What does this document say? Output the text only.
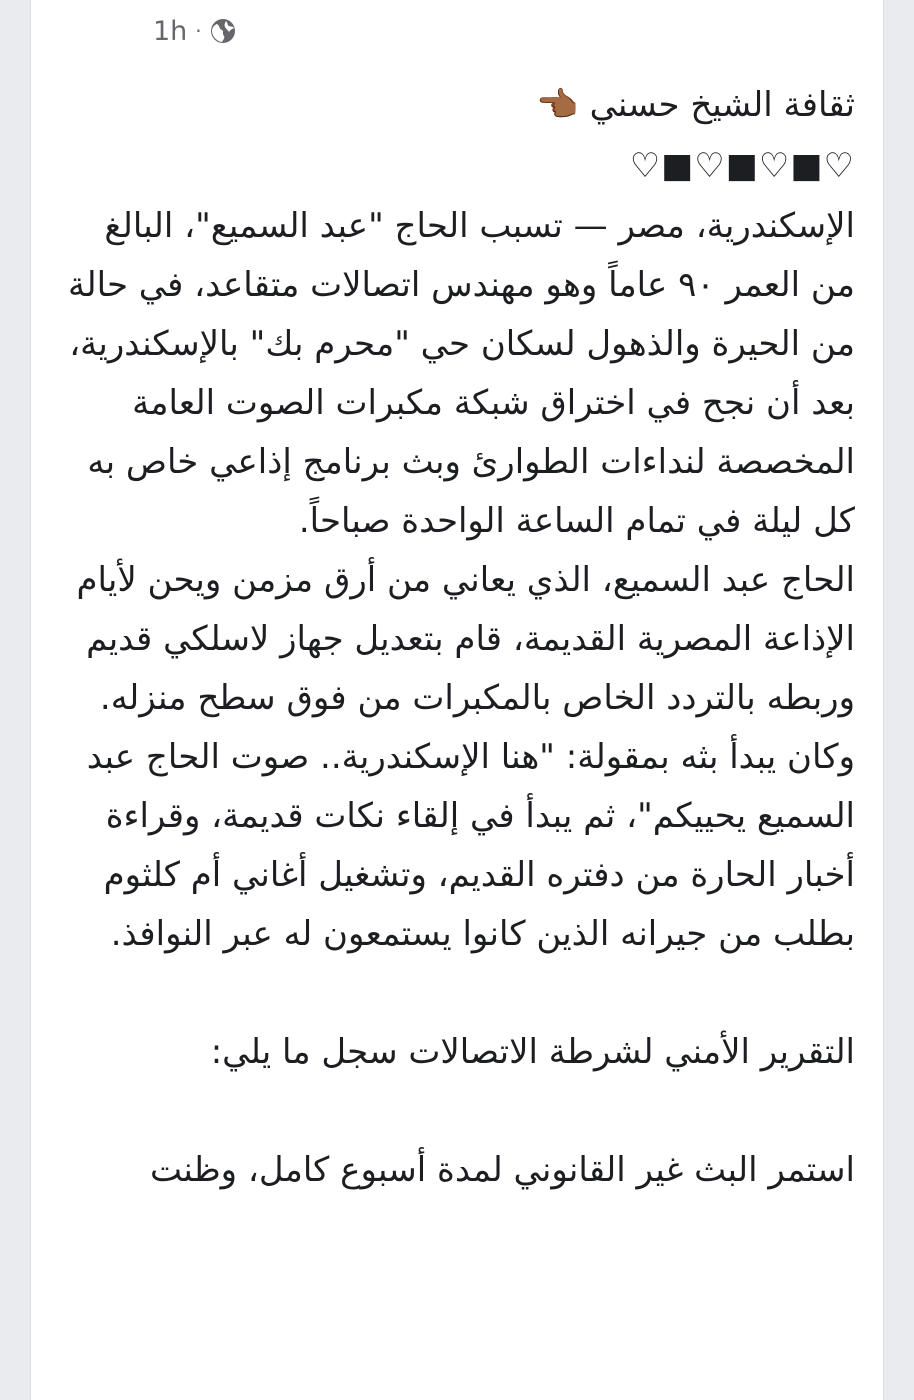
1h ·

ثقافة الشيخ حسني 👈🏾

♡■♡■♡■♡

الإسكندرية، مصر — تسبب الحاج "عبد السميع"، البالغ

من العمر ٩٠ عاماً وهو مهندس اتصالات متقاعد، في حالة

من الحيرة والذهول لسكان حي "محرم بك" بالإسكندرية،

بعد أن نجح في اختراق شبكة مكبرات الصوت العامة

المخصصة لنداءات الطوارئ وبث برنامج إذاعي خاص به

كل ليلة في تمام الساعة الواحدة صباحاً.

الحاج عبد السميع، الذي يعاني من أرق مزمن ويحن لأيام

الإذاعة المصرية القديمة، قام بتعديل جهاز لاسلكي قديم

وربطه بالتردد الخاص بالمكبرات من فوق سطح منزله.

وكان يبدأ بثه بمقولة: "هنا الإسكندرية.. صوت الحاج عبد

السميع يحييكم"، ثم يبدأ في إلقاء نكات قديمة، وقراءة

أخبار الحارة من دفتره القديم، وتشغيل أغاني أم كلثوم

بطلب من جيرانه الذين كانوا يستمعون له عبر النوافذ.

التقرير الأمني لشرطة الاتصالات سجل ما يلي:

استمر البث غير القانوني لمدة أسبوع كامل، وظنت
